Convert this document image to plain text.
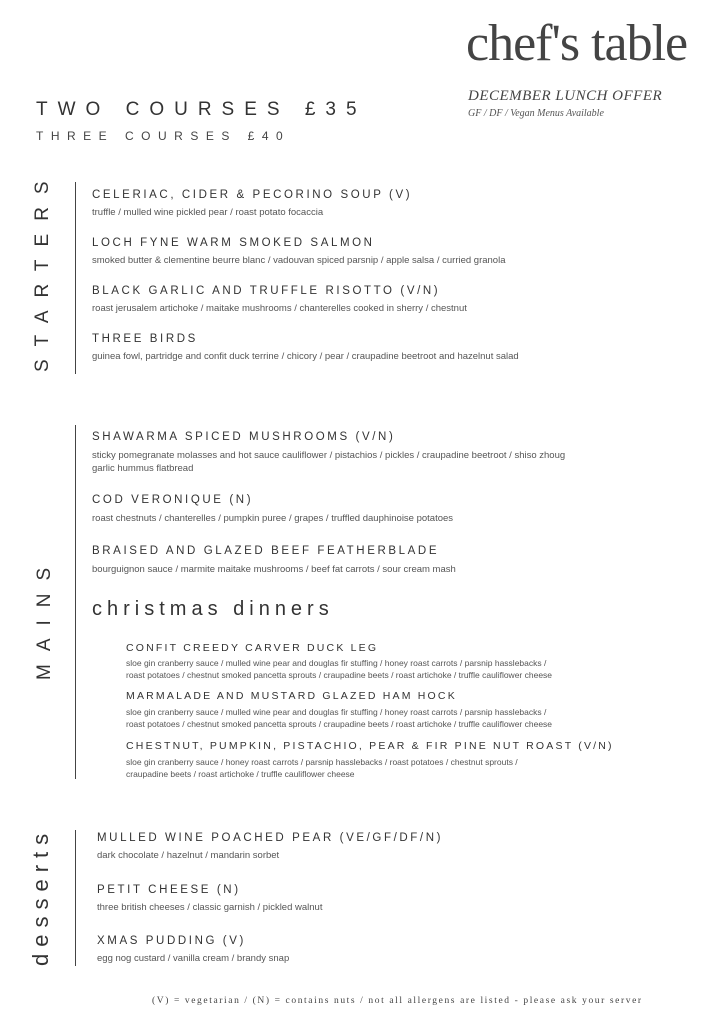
chef's table
DECEMBER LUNCH OFFER
GF / DF / Vegan Menus Available
TWO COURSES £35
THREE COURSES £40
STARTERS	CELERIAC, CIDER & PECORINO SOUP (V)
truffle / mulled wine pickled pear / roast potato focaccia
LOCH FYNE WARM SMOKED SALMON
smoked butter & clementine beurre blanc / vadouvan spiced parsnip / apple salsa / curried granola
BLACK GARLIC AND TRUFFLE RISOTTO (V/N)
roast jerusalem artichoke / maitake mushrooms / chanterelles cooked in sherry / chestnut
THREE BIRDS
guinea fowl, partridge and confit duck terrine / chicory / pear / craupadine beetroot and hazelnut salad
MAINS
SHAWARMA SPICED MUSHROOMS (V/N)
sticky pomegranate molasses and hot sauce cauliflower / pistachios / pickles / craupadine beetroot / shiso zhoug
garlic hummus flatbread
COD VERONIQUE (N)
roast chestnuts / chanterelles / pumpkin puree / grapes / truffled dauphinoise potatoes
BRAISED AND GLAZED BEEF FEATHERBLADE
bourguignon sauce / marmite maitake mushrooms / beef fat carrots / sour cream mash
christmas dinners
CONFIT CREEDY CARVER DUCK LEG
sloe gin cranberry sauce / mulled wine pear and douglas fir stuffing / honey roast carrots / parsnip hasslebacks /
roast potatoes / chestnut smoked pancetta sprouts / craupadine beets / roast artichoke / truffle cauliflower cheese
MARMALADE AND MUSTARD GLAZED HAM HOCK
sloe gin cranberry sauce / mulled wine pear and douglas fir stuffing / honey roast carrots / parsnip hasslebacks /
roast potatoes / chestnut smoked pancetta sprouts / craupadine beets / roast artichoke / truffle cauliflower cheese
CHESTNUT, PUMPKIN, PISTACHIO, PEAR & FIR PINE NUT ROAST (V/N)
sloe gin cranberry sauce / honey roast carrots / parsnip hasslebacks / roast potatoes / chestnut sprouts /
craupadine beets / roast artichoke / truffle cauliflower cheese
desserts	MULLED WINE POACHED PEAR (VE/GF/DF/N)
dark chocolate / hazelnut / mandarin sorbet
PETIT CHEESE (N)
three british cheeses / classic garnish / pickled walnut
XMAS PUDDING (V)
egg nog custard / vanilla cream / brandy snap
(V) = vegetarian / (N) = contains nuts / not all allergens are listed - please ask your server
